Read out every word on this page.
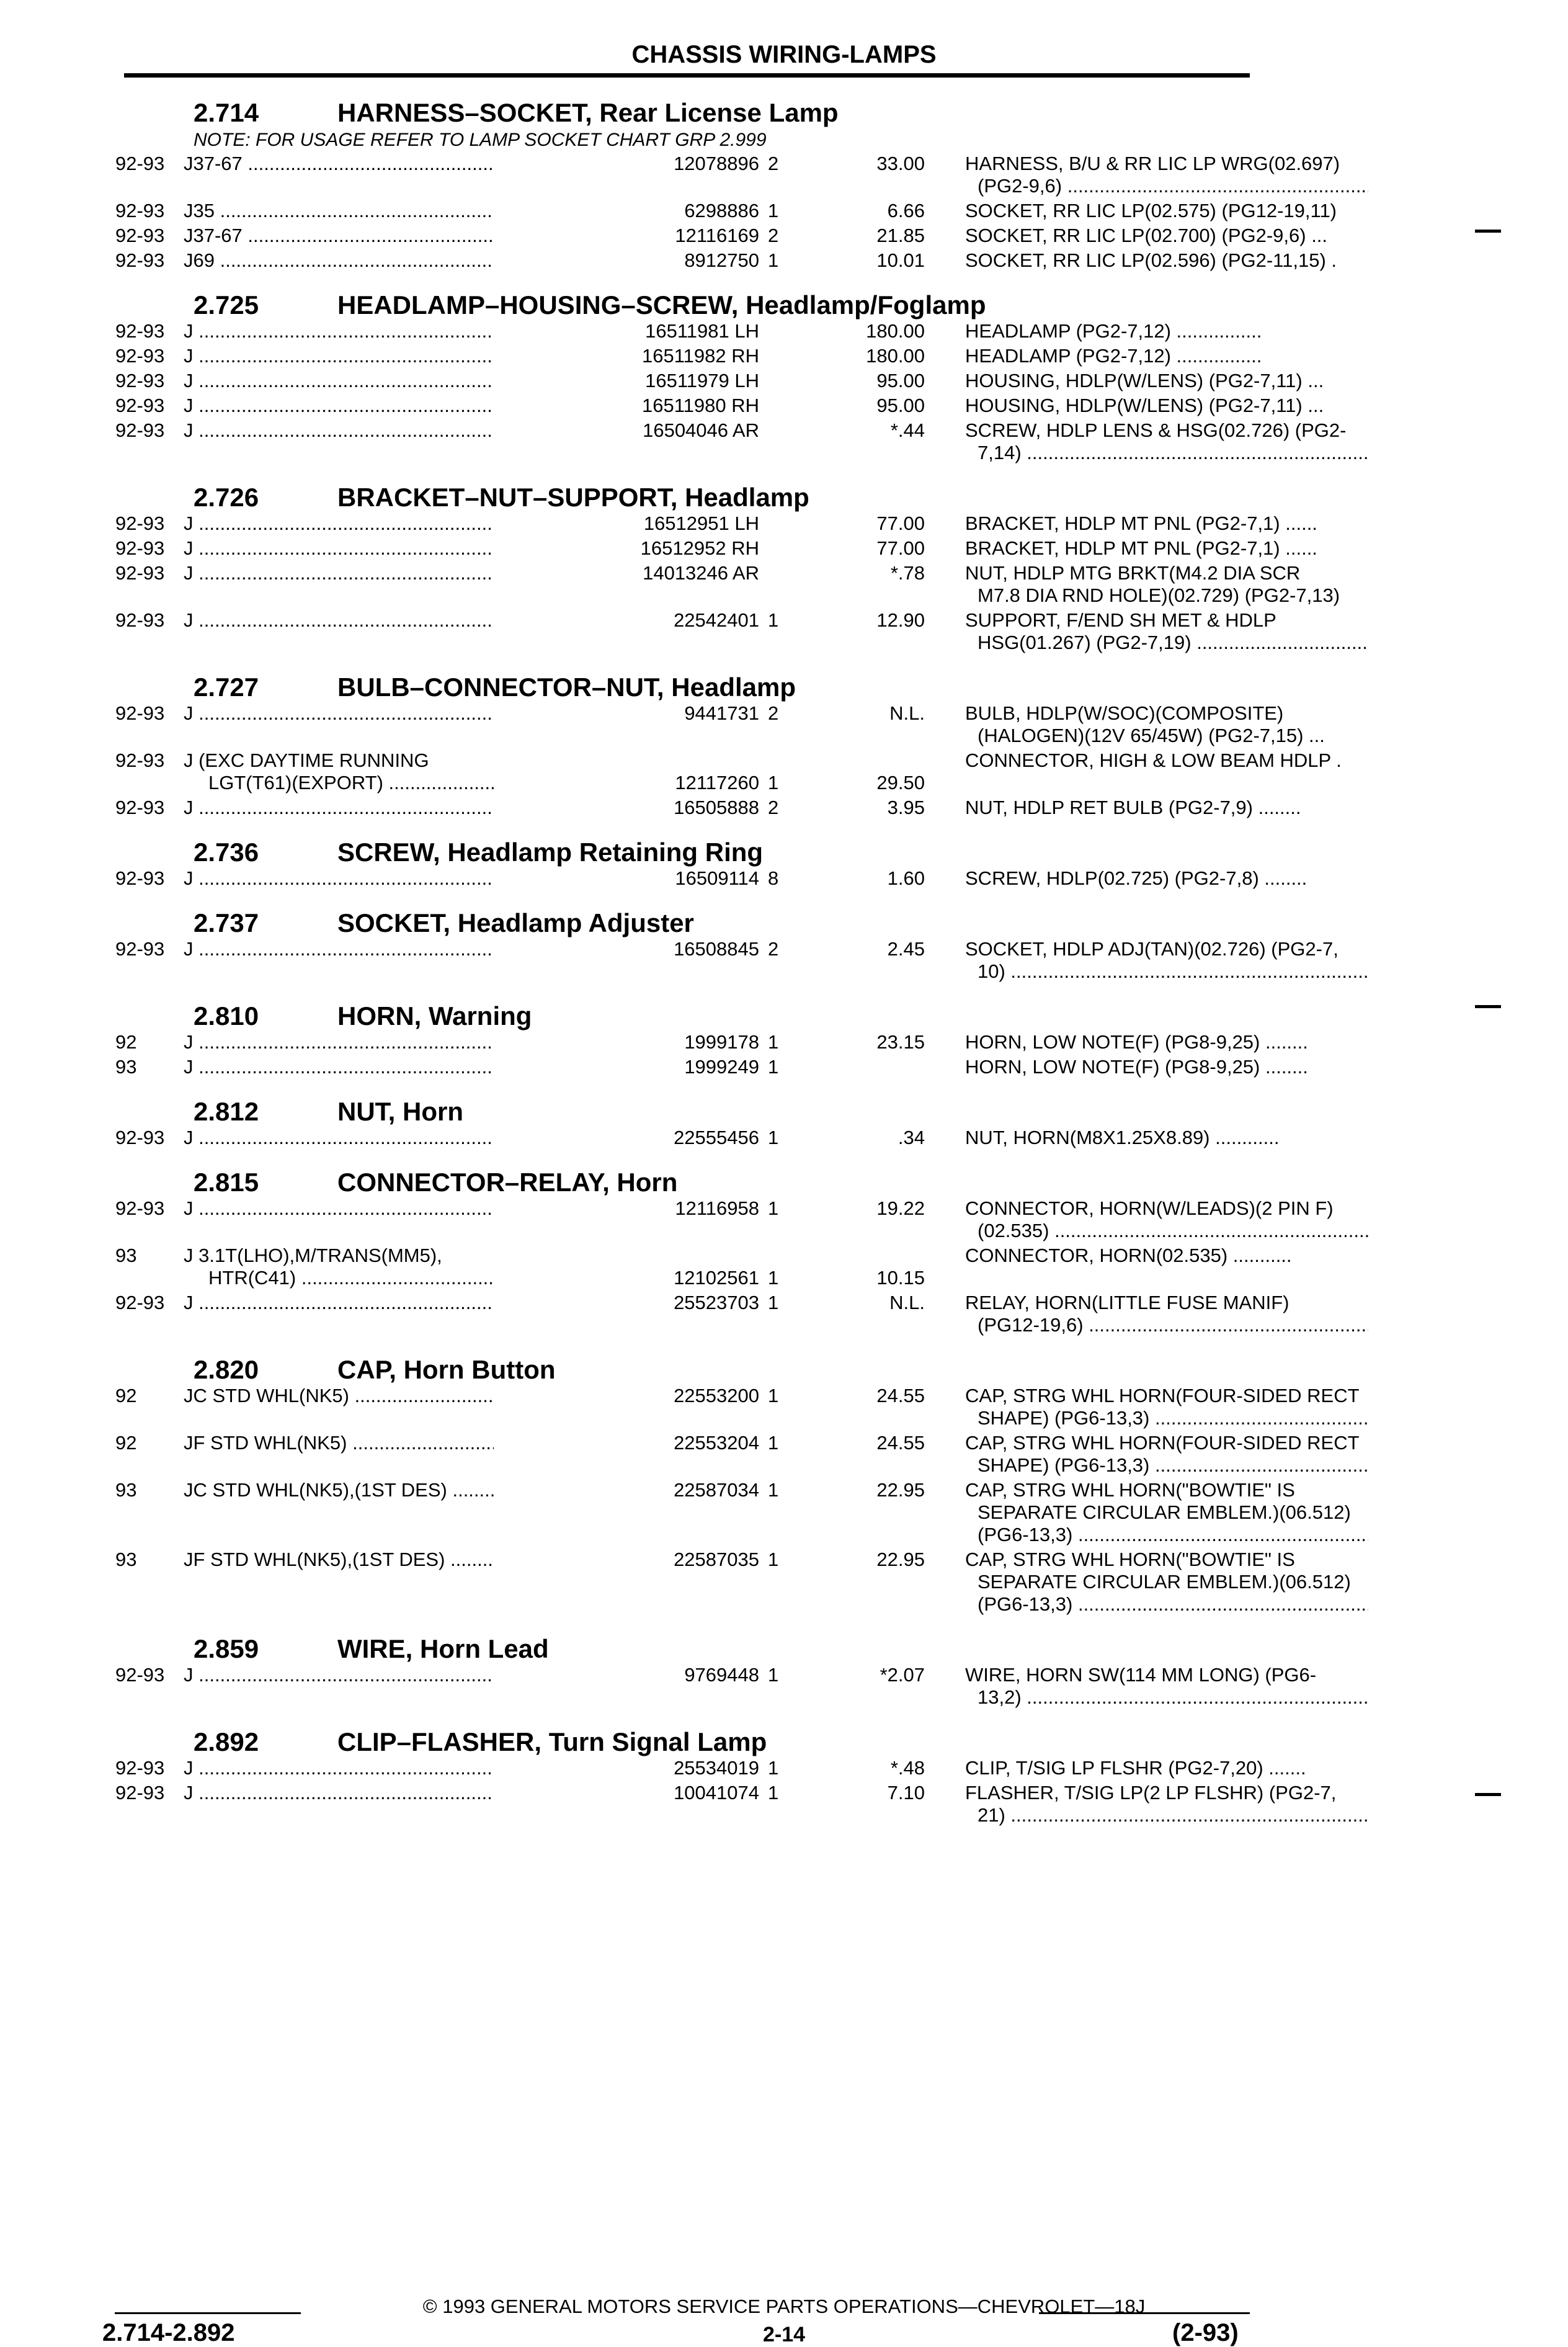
CHASSIS WIRING-LAMPS
2.714	HARNESS–SOCKET, Rear License Lamp
NOTE: FOR USAGE REFER TO LAMP SOCKET CHART GRP 2.999
92-93 J37-67 .....	12078896 2	33.00 HARNESS, B/U & RR LIC LP WRG(02.697)
(PG2-9,6) .....
92-93 J35 .....	6298886 1	6.66 SOCKET, RR LIC LP(02.575) (PG12-19,11)
92-93 J37-67 .....	12116169 2	21.85 SOCKET, RR LIC LP(02.700) (PG2-9,6) ...
92-93 J69 .....	8912750 1	10.01 SOCKET, RR LIC LP(02.596) (PG2-11,15) .
2.725	HEADLAMP–HOUSING–SCREW, Headlamp/Foglamp
92-93 J .....	16511981 LH	180.00 HEADLAMP (PG2-7,12) ................
92-93 J .....	16511982 RH	180.00 HEADLAMP (PG2-7,12) ................
92-93 J .....	16511979 LH	95.00 HOUSING, HDLP(W/LENS) (PG2-7,11) ...
92-93 J .....	16511980 RH	95.00 HOUSING, HDLP(W/LENS) (PG2-7,11) ...
92-93 J .....	16504046 AR	*.44 SCREW, HDLP LENS & HSG(02.726) (PG2-
7,14) .....
2.726	BRACKET–NUT–SUPPORT, Headlamp
92-93 J .....	16512951 LH	77.00 BRACKET, HDLP MT PNL (PG2-7,1) ......
92-93 J .....	16512952 RH	77.00 BRACKET, HDLP MT PNL (PG2-7,1) ......
92-93 J .....	14013246 AR	*.78 NUT, HDLP MTG BRKT(M4.2 DIA SCR
M7.8 DIA RND HOLE)(02.729) (PG2-7,13)
92-93 J .....	22542401 1	12.90 SUPPORT, F/END SH MET & HDLP
HSG(01.267) (PG2-7,19) .....
2.727	BULB–CONNECTOR–NUT, Headlamp
92-93 J .....	9441731 2	N.L. BULB, HDLP(W/SOC)(COMPOSITE)
(HALOGEN)(12V 65/45W) (PG2-7,15) ...
92-93 J (EXC DAYTIME RUNNING
LGT(T61)(EXPORT) .....	12117260 1	29.50
CONNECTOR, HIGH & LOW BEAM HDLP .
92-93 J .....	16505888 2	3.95 NUT, HDLP RET BULB (PG2-7,9) ........
2.736	SCREW, Headlamp Retaining Ring
92-93 J .....	16509114 8	1.60 SCREW, HDLP(02.725) (PG2-7,8) ........
2.737	SOCKET, Headlamp Adjuster
92-93 J .....	16508845 2	2.45 SOCKET, HDLP ADJ(TAN)(02.726) (PG2-7,
10) .....
2.810	HORN, Warning
92 J .....	1999178 1	23.15 HORN, LOW NOTE(F) (PG8-9,25) ........
93 J .....	1999249 1	HORN, LOW NOTE(F) (PG8-9,25) ........
2.812	NUT, Horn
92-93 J .....	22555456 1	.34 NUT, HORN(M8X1.25X8.89) ............
2.815	CONNECTOR–RELAY, Horn
92-93 J .....	12116958 1	19.22 CONNECTOR, HORN(W/LEADS)(2 PIN F)
(02.535) .....
93 J 3.1T(LHO),M/TRANS(MM5),
HTR(C41) .....	12102561 1	10.15
CONNECTOR, HORN(02.535) ...........
92-93 J .....	25523703 1	N.L. RELAY, HORN(LITTLE FUSE MANIF)
(PG12-19,6) .....
2.820	CAP, Horn Button
92 JC STD WHL(NK5) .....	22553200 1	24.55 CAP, STRG WHL HORN(FOUR-SIDED RECT
SHAPE) (PG6-13,3) .....
92 JF STD WHL(NK5) .....	22553204 1	24.55 CAP, STRG WHL HORN(FOUR-SIDED RECT
SHAPE) (PG6-13,3) .....
93 JC STD WHL(NK5),(1ST DES) .....	22587034 1	22.95 CAP, STRG WHL HORN("BOWTIE" IS
SEPARATE CIRCULAR EMBLEM.)(06.512)
(PG6-13,3) .....
93 JF STD WHL(NK5),(1ST DES) .....	22587035 1	22.95 CAP, STRG WHL HORN("BOWTIE" IS
SEPARATE CIRCULAR EMBLEM.)(06.512)
(PG6-13,3) .....
2.859	WIRE, Horn Lead
92-93 J .....	9769448 1	*2.07 WIRE, HORN SW(114 MM LONG) (PG6-
13,2) .....
2.892	CLIP–FLASHER, Turn Signal Lamp
92-93 J .....	25534019 1	*.48 CLIP, T/SIG LP FLSHR (PG2-7,20) .......
92-93 J .....	10041074 1	7.10 FLASHER, T/SIG LP(2 LP FLSHR) (PG2-7,
21) .....
© 1993 GENERAL MOTORS SERVICE PARTS OPERATIONS—CHEVROLET—18J
2.714-2.892	2-14	(2-93)
